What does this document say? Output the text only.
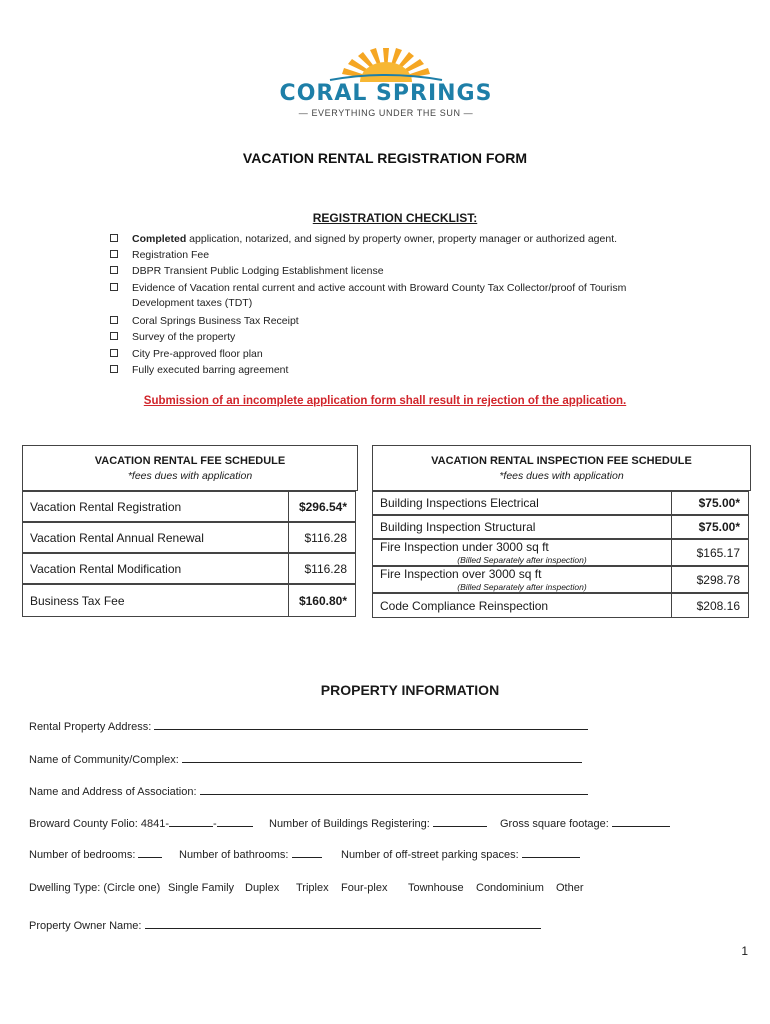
CORAL SPRINGS
— EVERYTHING UNDER THE SUN —
VACATION RENTAL REGISTRATION FORM
REGISTRATION CHECKLIST:
Completed application, notarized, and signed by property owner, property manager or authorized agent.
Registration Fee
DBPR Transient Public Lodging Establishment license
Evidence of Vacation rental current and active account with Broward County Tax Collector/proof of Tourism
Development taxes (TDT)
Coral Springs Business Tax Receipt
Survey of the property
City Pre-approved floor plan
Fully executed barring agreement
Submission of an incomplete application form shall result in rejection of the application.
VACATION RENTAL FEE SCHEDULE
*fees dues with application
Vacation Rental Registration	$296.54*
Vacation Rental Annual Renewal	$116.28
Vacation Rental Modification	$116.28
Business Tax Fee	$160.80*
VACATION RENTAL INSPECTION FEE SCHEDULE
*fees dues with application
Building Inspections Electrical	$75.00*
Building Inspection Structural	$75.00*
Fire Inspection under 3000 sq ft
(Billed Separately after inspection)	$165.17
Fire Inspection over 3000 sq ft
(Billed Separately after inspection)	$298.78
Code Compliance Reinspection	$208.16
PROPERTY INFORMATION
Rental Property Address:
Name of Community/Complex:
Name and Address of Association:
Broward County Folio: 4841-	-	Number of Buildings Registering:	Gross square footage:
Number of bedrooms:	Number of bathrooms:	Number of off-street parking spaces:
Dwelling Type: (Circle one) Single Family Duplex Triplex Four-plex Townhouse Condominium Other
Property Owner Name:
1
